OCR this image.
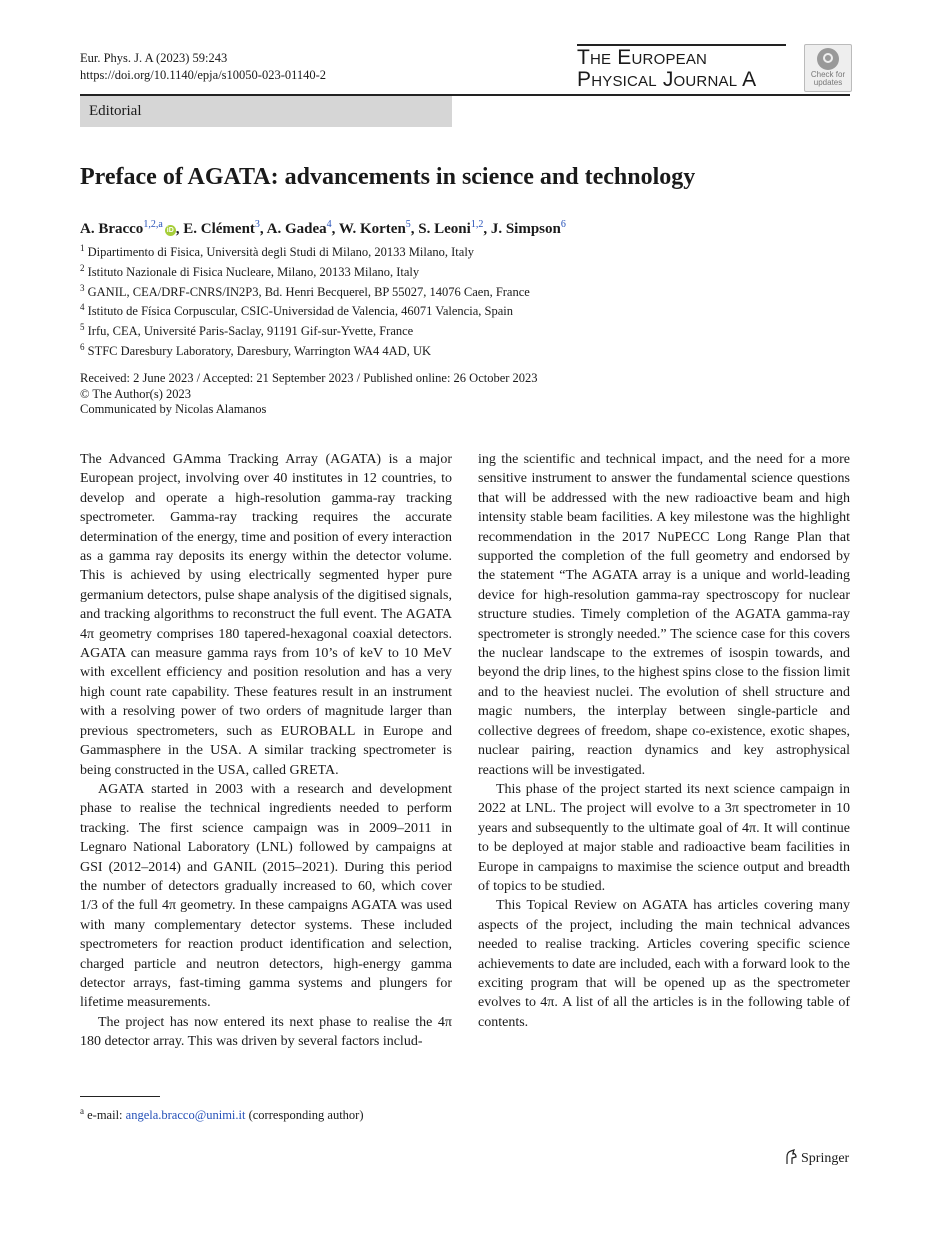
Eur. Phys. J. A (2023) 59:243
https://doi.org/10.1140/epja/s10050-023-01140-2
The European
Physical Journal A	Check for
updates
Editorial
Preface of AGATA: advancements in science and technology
A. Bracco$^{1,2,a}$iD , E. Clément$^3$, A. Gadea$^4$, W. Korten$^5$, S. Leoni$^{1,2}$, J. Simpson$^6$
$^1$ Dipartimento di Fisica, Università degli Studi di Milano, 20133 Milano, Italy
$^2$ Istituto Nazionale di Fisica Nucleare, Milano, 20133 Milano, Italy
$^3$ GANIL, CEA/DRF-CNRS/IN2P3, Bd. Henri Becquerel, BP 55027, 14076 Caen, France
$^4$ Istituto de Física Corpuscular, CSIC-Universidad de Valencia, 46071 Valencia, Spain
$^5$ Irfu, CEA, Université Paris-Saclay, 91191 Gif-sur-Yvette, France
$^6$ STFC Daresbury Laboratory, Daresbury, Warrington WA4 4AD, UK
Received: 2 June 2023 / Accepted: 21 September 2023 / Published online: 26 October 2023
© The Author(s) 2023
Communicated by Nicolas Alamanos

The Advanced GAmma Tracking Array (AGATA) is a major European project, involving over 40 institutes in 12 countries, to develop and operate a high-resolution gamma-ray tracking spectrometer. Gamma-ray tracking requires the accurate determination of the energy, time and position of every interaction as a gamma ray deposits its energy within the detector volume. This is achieved by using electrically segmented hyper pure germanium detectors, pulse shape analysis of the digitised signals, and tracking algorithms to reconstruct the full event. The AGATA 4π geometry comprises 180 tapered-hexagonal coaxial detectors. AGATA can measure gamma rays from 10’s of keV to 10 MeV with excellent efficiency and position resolution and has a very high count rate capability. These features result in an instrument with a resolving power of two orders of magnitude larger than previous spectrometers, such as EUROBALL in Europe and Gammasphere in the USA. A similar tracking spectrometer is being constructed in the USA, called GRETA.

AGATA started in 2003 with a research and development phase to realise the technical ingredients needed to perform tracking. The first science campaign was in 2009–2011 in Legnaro National Laboratory (LNL) followed by campaigns at GSI (2012–2014) and GANIL (2015–2021). During this period the number of detectors gradually increased to 60, which cover 1/3 of the full 4π geometry. In these campaigns AGATA was used with many complementary detector systems. These included spectrometers for reaction product identification and selection, charged particle and neutron detectors, high-energy gamma detector arrays, fast-timing gamma systems and plungers for lifetime measurements.

The project has now entered its next phase to realise the 4π 180 detector array. This was driven by several factors includ-

ing the scientific and technical impact, and the need for a more sensitive instrument to answer the fundamental science questions that will be addressed with the new radioactive beam and high intensity stable beam facilities. A key milestone was the highlight recommendation in the 2017 NuPECC Long Range Plan that supported the completion of the full geometry and endorsed by the statement “The AGATA array is a unique and world-leading device for high-resolution gamma-ray spectroscopy for nuclear structure studies. Timely completion of the AGATA gamma-ray spectrometer is strongly needed.” The science case for this covers the nuclear landscape to the extremes of isospin towards, and beyond the drip lines, to the highest spins close to the fission limit and to the heaviest nuclei. The evolution of shell structure and magic numbers, the interplay between single-particle and collective degrees of freedom, shape co-existence, exotic shapes, nuclear pairing, reaction dynamics and key astrophysical reactions will be investigated.

This phase of the project started its next science campaign in 2022 at LNL. The project will evolve to a 3π spectrometer in 10 years and subsequently to the ultimate goal of 4π. It will continue to be deployed at major stable and radioactive beam facilities in Europe in campaigns to maximise the science output and breadth of topics to be studied.

This Topical Review on AGATA has articles covering many aspects of the project, including the main technical advances needed to realise tracking. Articles covering specific science achievements to date are included, each with a forward look to the exciting program that will be opened up as the spectrometer evolves to 4π. A list of all the articles is in the following table of contents.

$^a$ e-mail: angela.bracco@unimi.it (corresponding author)
Springer
